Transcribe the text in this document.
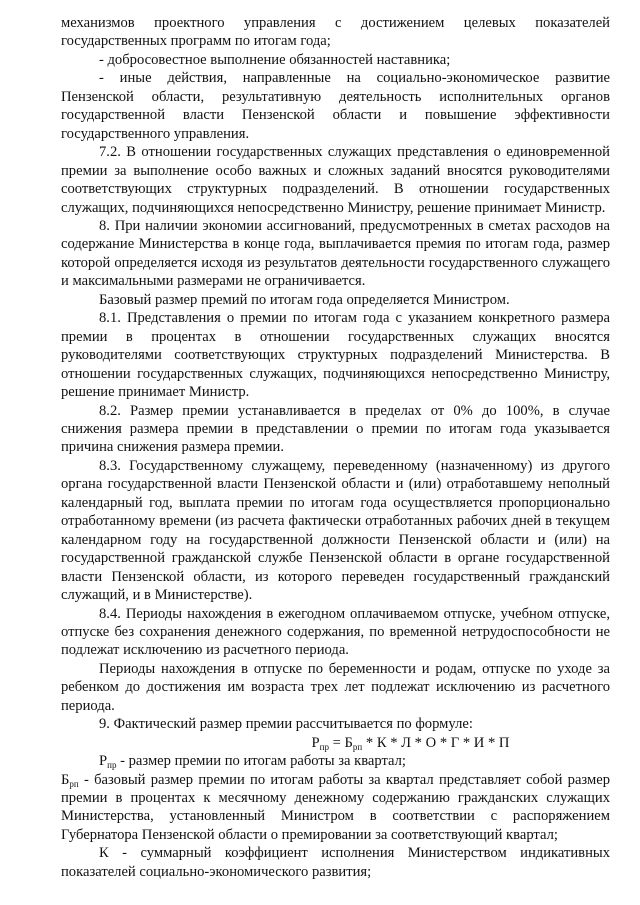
механизмов проектного управления с достижением целевых показателей государственных программ по итогам года;

- добросовестное выполнение обязанностей наставника;

- иные действия, направленные на социально-экономическое развитие Пензенской области, результативную деятельность исполнительных органов государственной власти Пензенской области и повышение эффективности государственного управления.

7.2. В отношении государственных служащих представления о единовременной премии за выполнение особо важных и сложных заданий вносятся руководителями соответствующих структурных подразделений. В отношении государственных служащих, подчиняющихся непосредственно Министру, решение принимает Министр.

8. При наличии экономии ассигнований, предусмотренных в сметах расходов на содержание Министерства в конце года, выплачивается премия по итогам года, размер которой определяется исходя из результатов деятельности государственного служащего и максимальными размерами не ограничивается.

Базовый размер премий по итогам года определяется Министром.

8.1. Представления о премии по итогам года с указанием конкретного размера премии в процентах в отношении государственных служащих вносятся руководителями соответствующих структурных подразделений Министерства. В отношении государственных служащих, подчиняющихся непосредственно Министру, решение принимает Министр.

8.2. Размер премии устанавливается в пределах от 0% до 100%, в случае снижения размера премии в представлении о премии по итогам года указывается причина снижения размера премии.

8.3. Государственному служащему, переведенному (назначенному) из другого органа государственной власти Пензенской области и (или) отработавшему неполный календарный год, выплата премии по итогам года осуществляется пропорционально отработанному времени (из расчета фактически отработанных рабочих дней в текущем календарном году на государственной должности Пензенской области и (или) на государственной гражданской службе Пензенской области в органе государственной власти Пензенской области, из которого переведен государственный гражданский служащий, и в Министерстве).

8.4. Периоды нахождения в ежегодном оплачиваемом отпуске, учебном отпуске, отпуске без сохранения денежного содержания, по временной нетрудоспособности не подлежат исключению из расчетного периода.

Периоды нахождения в отпуске по беременности и родам, отпуске по уходе за ребенком до достижения им возраста трех лет подлежат исключению из расчетного периода.

9. Фактический размер премии рассчитывается по формуле:

$Р_{пр} = Б_{рп} * К * Л * О * Г * И * П$

$Р_{пр}$ - размер премии по итогам работы за квартал;

$Б_{рп}$ - базовый размер премии по итогам работы за квартал представляет собой размер премии в процентах к месячному денежному содержанию гражданских служащих Министерства, установленный Министром в соответствии с распоряжением Губернатора Пензенской области о премировании за соответствующий квартал;

К - суммарный коэффициент исполнения Министерством индикативных показателей социально-экономического развития;
